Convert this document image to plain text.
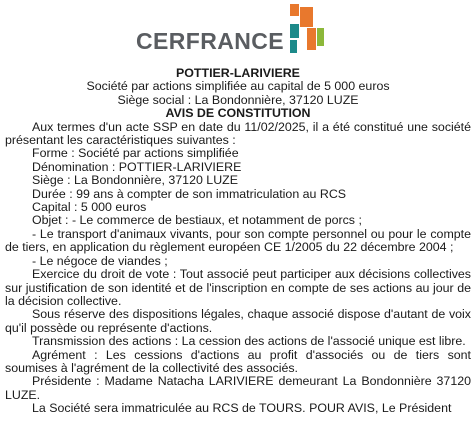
CERFRANCE

POTTIER-LARIVIERE

Société par actions simplifiée au capital de 5 000 euros

Siège social : La Bondonnière, 37120 LUZE

AVIS DE CONSTITUTION

Aux termes d'un acte SSP en date du 11/02/2025, il a été constitué une société présentant les caractéristiques suivantes :

Forme : Société par actions simplifiée

Dénomination : POTTIER-LARIVIERE

Siège : La Bondonnière, 37120 LUZE

Durée : 99 ans à compter de son immatriculation au RCS

Capital : 5 000 euros

Objet : - Le commerce de bestiaux, et notamment de porcs ;

- Le transport d'animaux vivants, pour son compte personnel ou pour le compte de tiers, en application du règlement européen CE 1/2005 du 22 décembre 2004 ;

- Le négoce de viandes ;

Exercice du droit de vote : Tout associé peut participer aux décisions collectives sur justification de son identité et de l'inscription en compte de ses actions au jour de la décision collective.

Sous réserve des dispositions légales, chaque associé dispose d'autant de voix qu'il possède ou représente d'actions.

Transmission des actions : La cession des actions de l'associé unique est libre.

Agrément : Les cessions d'actions au profit d'associés ou de tiers sont soumises à l'agrément de la collectivité des associés.

Présidente : Madame Natacha LARIVIERE demeurant La Bondonnière 37120 LUZE.

La Société sera immatriculée au RCS de TOURS. POUR AVIS, Le Président
